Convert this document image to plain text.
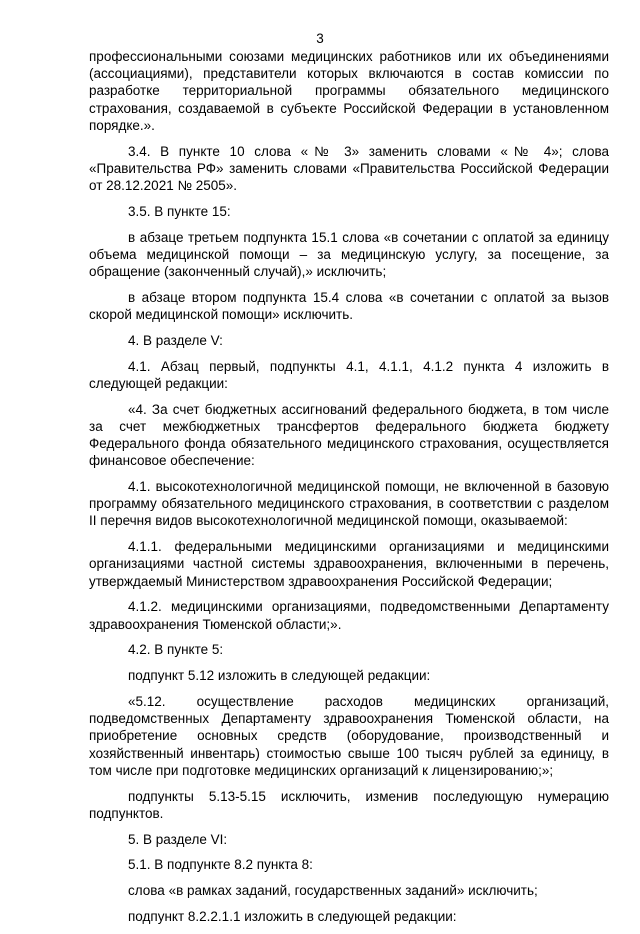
3

профессиональными союзами медицинских работников или их объединениями (ассоциациями), представители которых включаются в состав комиссии по разработке территориальной программы обязательного медицинского страхования, создаваемой в субъекте Российской Федерации в установленном порядке.».

3.4. В пункте 10 слова «№ 3» заменить словами «№ 4»; слова «Правительства РФ» заменить словами «Правительства Российской Федерации от 28.12.2021 № 2505».

3.5. В пункте 15:

в абзаце третьем подпункта 15.1 слова «в сочетании с оплатой за единицу объема медицинской помощи – за медицинскую услугу, за посещение, за обращение (законченный случай),» исключить;

в абзаце втором подпункта 15.4 слова «в сочетании с оплатой за вызов скорой медицинской помощи» исключить.

4. В разделе V:

4.1. Абзац первый, подпункты 4.1, 4.1.1, 4.1.2 пункта 4 изложить в следующей редакции:

«4. За счет бюджетных ассигнований федерального бюджета, в том числе за счет межбюджетных трансфертов федерального бюджета бюджету Федерального фонда обязательного медицинского страхования, осуществляется финансовое обеспечение:

4.1. высокотехнологичной медицинской помощи, не включенной в базовую программу обязательного медицинского страхования, в соответствии с разделом II перечня видов высокотехнологичной медицинской помощи, оказываемой:

4.1.1. федеральными медицинскими организациями и медицинскими организациями частной системы здравоохранения, включенными в перечень, утверждаемый Министерством здравоохранения Российской Федерации;

4.1.2. медицинскими организациями, подведомственными Департаменту здравоохранения Тюменской области;».

4.2. В пункте 5:

подпункт 5.12 изложить в следующей редакции:

«5.12. осуществление расходов медицинских организаций, подведомственных Департаменту здравоохранения Тюменской области, на приобретение основных средств (оборудование, производственный и хозяйственный инвентарь) стоимостью свыше 100 тысяч рублей за единицу, в том числе при подготовке медицинских организаций к лицензированию;»;

подпункты 5.13-5.15 исключить, изменив последующую нумерацию подпунктов.

5. В разделе VI:

5.1. В подпункте 8.2 пункта 8:

слова «в рамках заданий, государственных заданий» исключить;

подпункт 8.2.2.1.1 изложить в следующей редакции:
